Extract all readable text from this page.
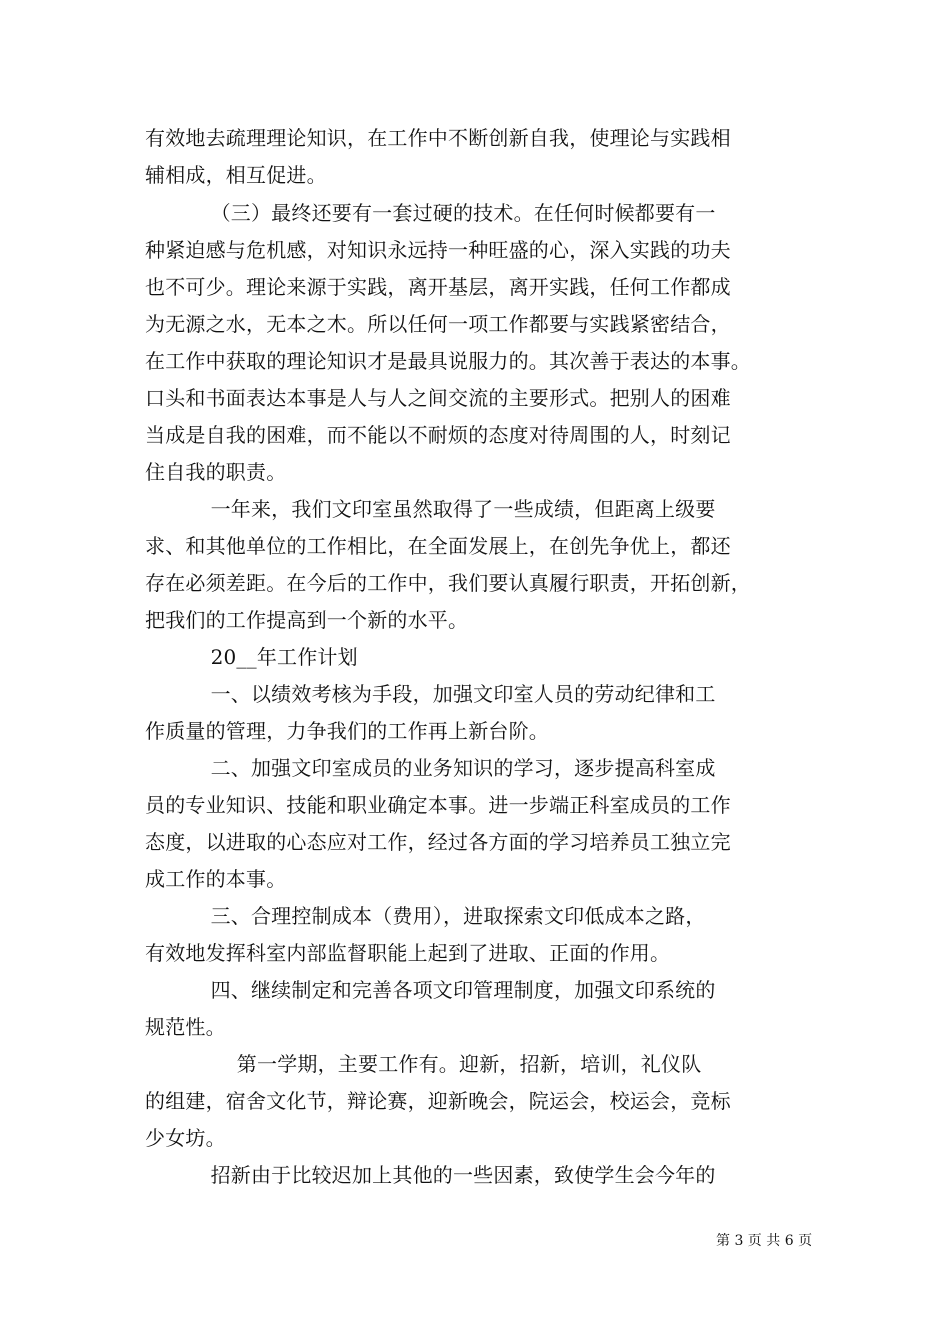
有效地去疏理理论知识，在工作中不断创新自我，使理论与实践相
辅相成，相互促进。
（三）最终还要有一套过硬的技术。在任何时候都要有一
种紧迫感与危机感，对知识永远持一种旺盛的心，深入实践的功夫
也不可少。理论来源于实践，离开基层，离开实践，任何工作都成
为无源之水，无本之木。所以任何一项工作都要与实践紧密结合，
在工作中获取的理论知识才是最具说服力的。其次善于表达的本事。
口头和书面表达本事是人与人之间交流的主要形式。把别人的困难
当成是自我的困难，而不能以不耐烦的态度对待周围的人，时刻记
住自我的职责。
一年来，我们文印室虽然取得了一些成绩，但距离上级要
求、和其他单位的工作相比，在全面发展上，在创先争优上，都还
存在必须差距。在今后的工作中，我们要认真履行职责，开拓创新，
把我们的工作提高到一个新的水平。
20__年工作计划
一、以绩效考核为手段，加强文印室人员的劳动纪律和工
作质量的管理，力争我们的工作再上新台阶。
二、加强文印室成员的业务知识的学习，逐步提高科室成
员的专业知识、技能和职业确定本事。进一步端正科室成员的工作
态度，以进取的心态应对工作，经过各方面的学习培养员工独立完
成工作的本事。
三、合理控制成本（费用），进取探索文印低成本之路，
有效地发挥科室内部监督职能上起到了进取、正面的作用。
四、继续制定和完善各项文印管理制度，加强文印系统的
规范性。
第一学期，主要工作有。迎新，招新，培训，礼仪队
的组建，宿舍文化节，辩论赛，迎新晚会，院运会，校运会，竞标
少女坊。
招新由于比较迟加上其他的一些因素，致使学生会今年的
第 3 页 共 6 页
